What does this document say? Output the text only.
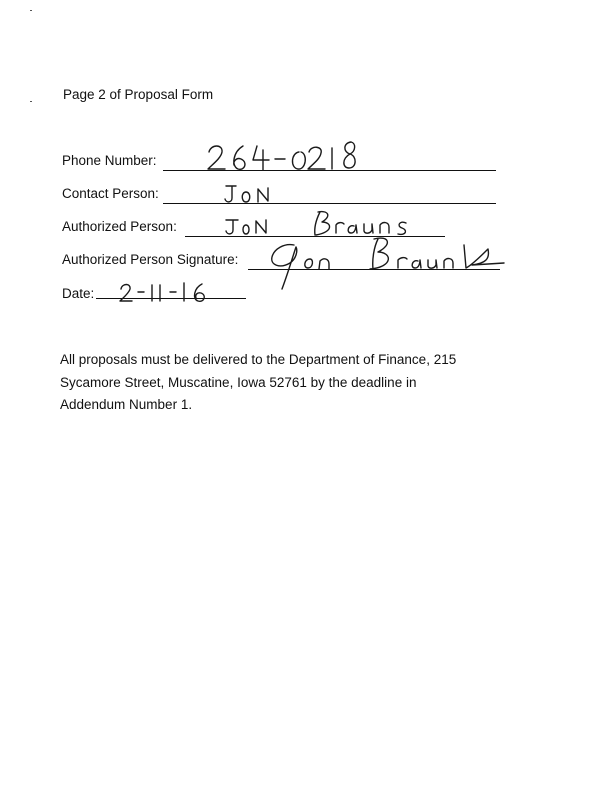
Page 2 of Proposal Form
Phone Number:
Contact Person:
Authorized Person:
Authorized Person Signature:
Date:
All proposals must be delivered to the Department of Finance, 215
Sycamore Street, Muscatine, Iowa 52761 by the deadline in
Addendum Number 1.
